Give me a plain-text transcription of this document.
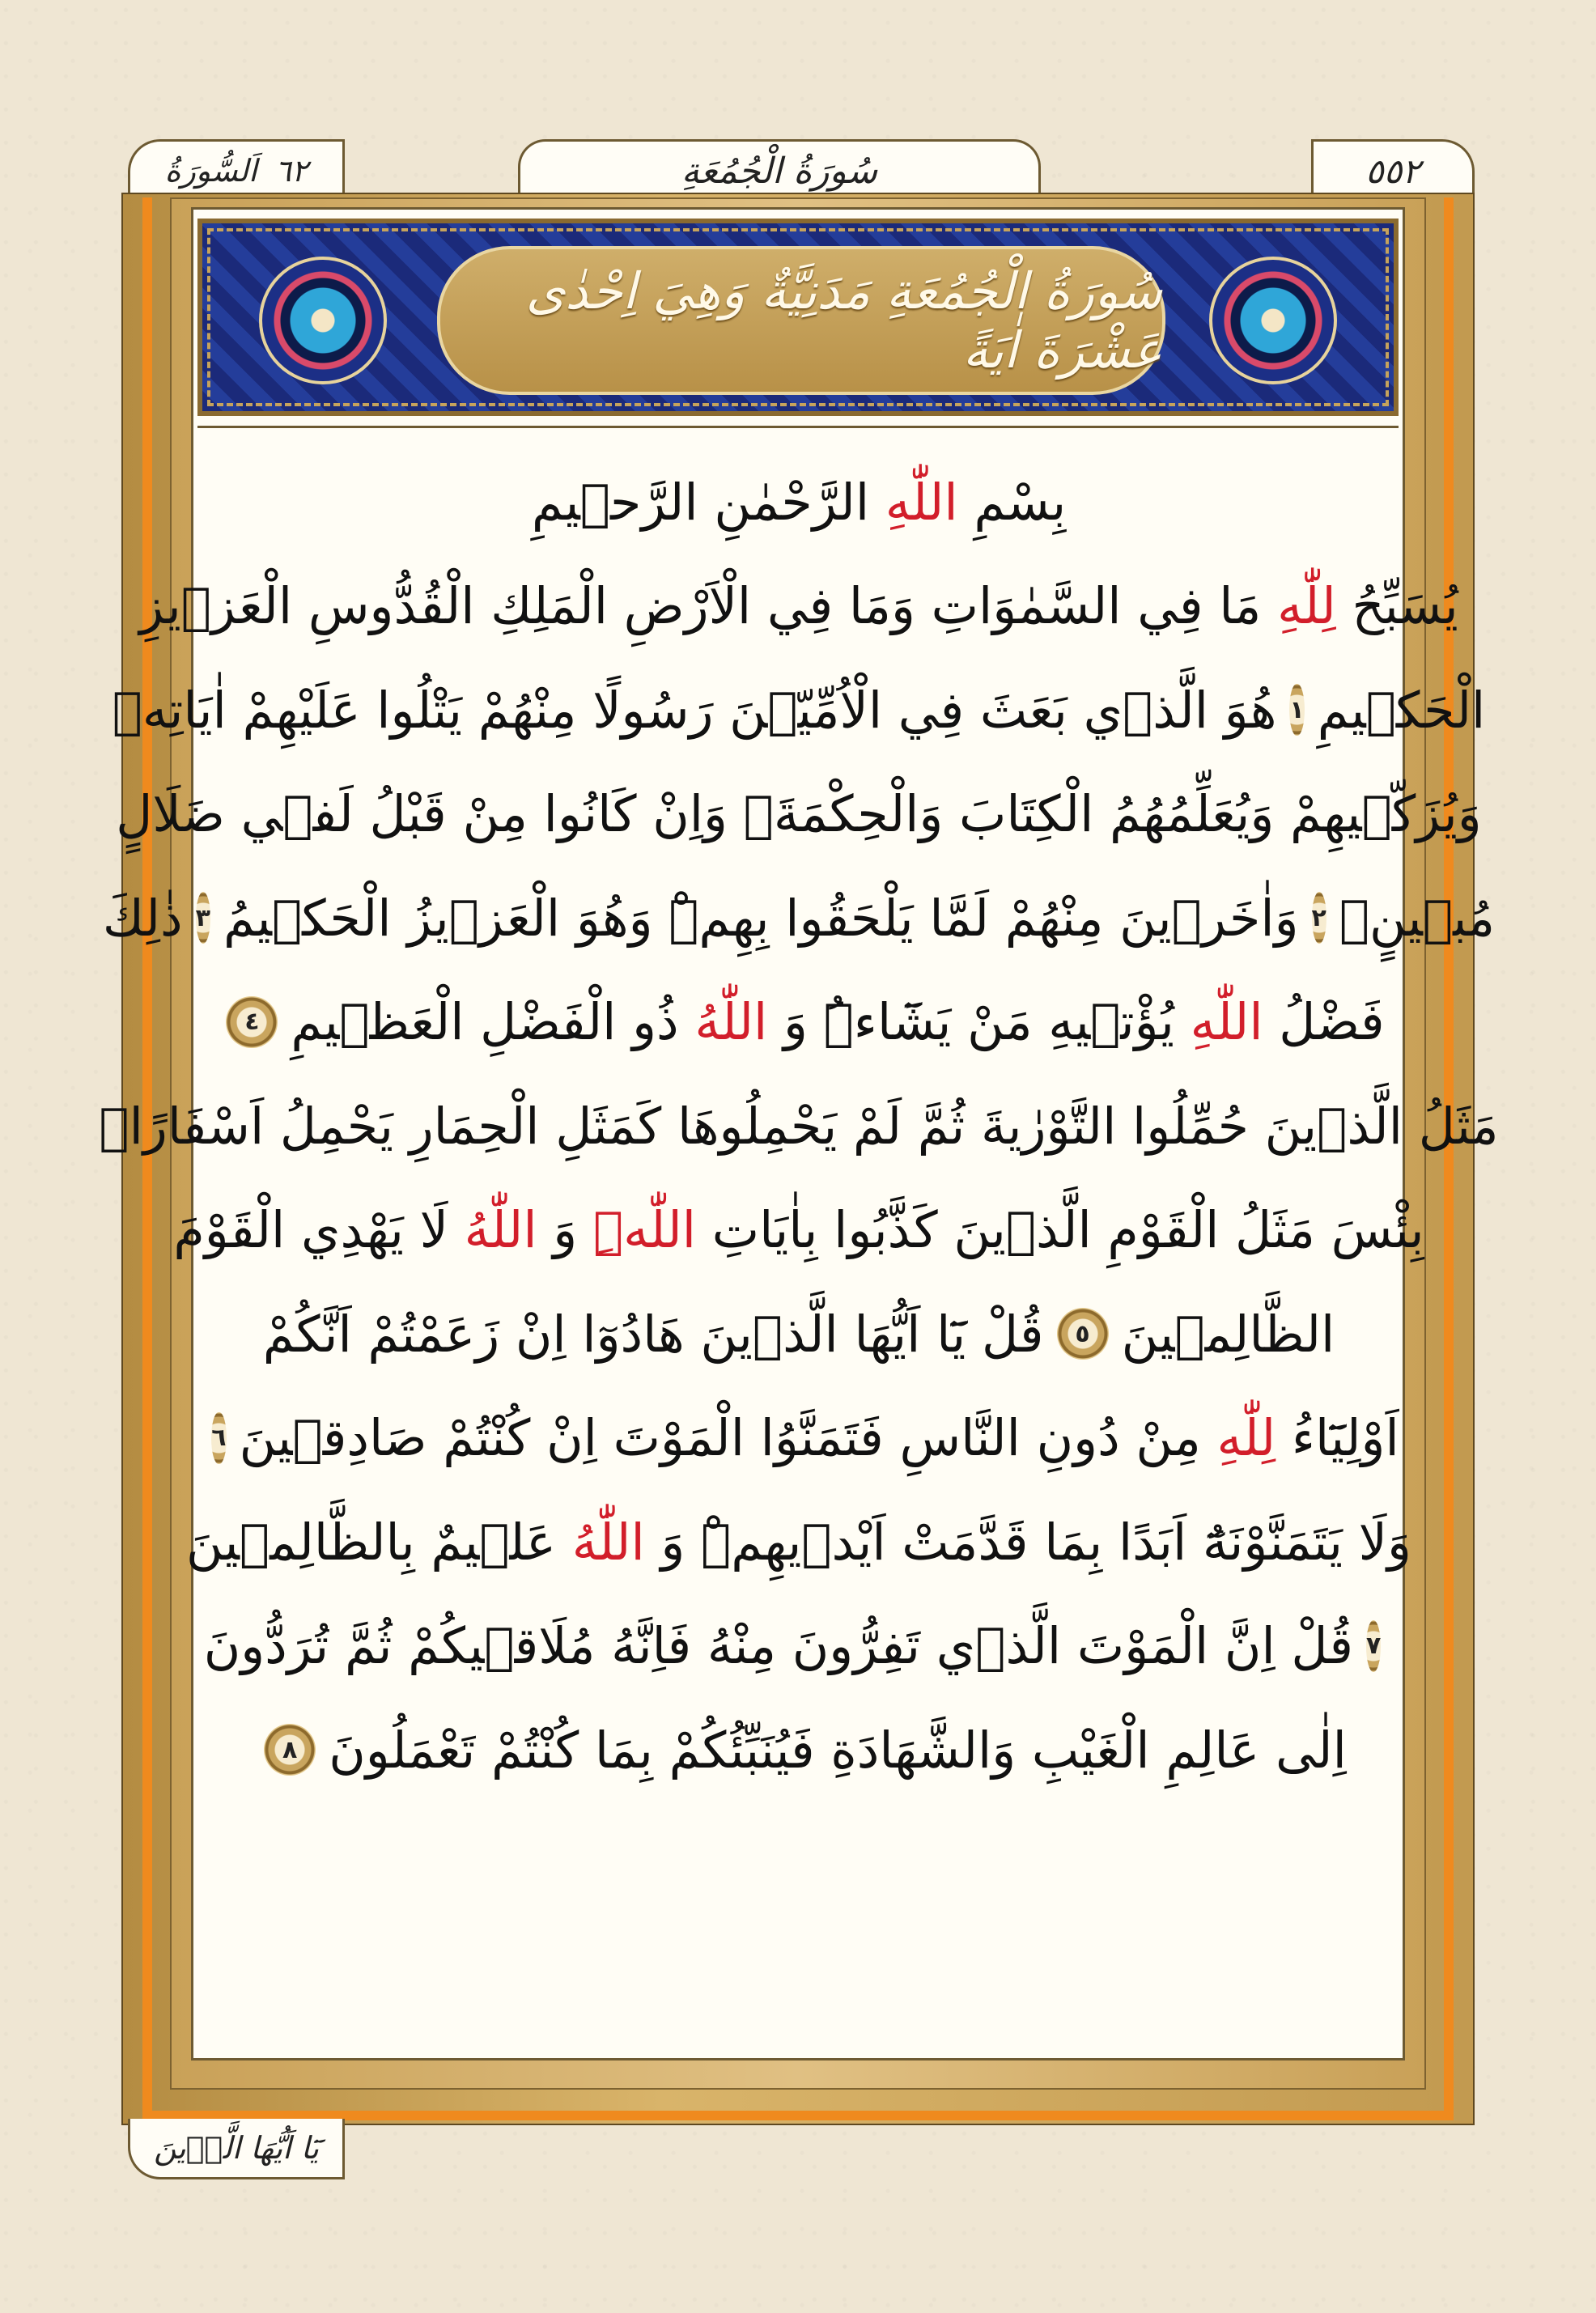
اَلسُّورَةُ ٦٢	سُورَةُ الْجُمُعَةِ	٥٥٢
سُورَةُ الْجُمُعَةِ مَدَنِيَّةٌ وَهِيَ اِحْدٰى عَشْرَةَ اٰيَةً
بِسْمِ

اللّٰهِ

الرَّحْمٰنِ الرَّح۪يمِ
يُسَبِّحُ

لِلّٰهِ

مَا فِي السَّمٰوَاتِ وَمَا فِي الْاَرْضِ الْمَلِكِ الْقُدُّوسِ الْعَز۪يزِ
الْحَك۪يمِ
١
هُوَ الَّذ۪ي بَعَثَ فِي الْاُمِّيّ۪نَ رَسُولًا مِنْهُمْ يَتْلُوا عَلَيْهِمْ اٰيَاتِه۪
وَيُزَكّ۪يهِمْ وَيُعَلِّمُهُمُ الْكِتَابَ وَالْحِكْمَةَۗ وَاِنْ كَانُوا مِنْ قَبْلُ لَف۪ي ضَلَالٍ
مُب۪ينٍۙ
٢
وَاٰخَر۪ينَ مِنْهُمْ لَمَّا يَلْحَقُوا بِهِمْۜ وَهُوَ الْعَز۪يزُ الْحَك۪يمُ
٣
ذٰلِكَ
فَضْلُ

اللّٰهِ

يُؤْت۪يهِ مَنْ يَشَٓاءُۜ وَ

اللّٰهُ

ذُو الْفَضْلِ الْعَظ۪يمِ
٤
مَثَلُ الَّذ۪ينَ حُمِّلُوا التَّوْرٰيةَ ثُمَّ لَمْ يَحْمِلُوهَا كَمَثَلِ الْحِمَارِ يَحْمِلُ اَسْفَارًاۜ
بِئْسَ مَثَلُ الْقَوْمِ الَّذ۪ينَ كَذَّبُوا بِاٰيَاتِ

اللّٰهِۜ

وَ

اللّٰهُ

لَا يَهْدِي الْقَوْمَ
الظَّالِم۪ينَ
٥
قُلْ يَٓا اَيُّهَا الَّذ۪ينَ هَادُوٓا اِنْ زَعَمْتُمْ اَنَّكُمْ
اَوْلِيَٓاءُ

لِلّٰهِ

مِنْ دُونِ النَّاسِ فَتَمَنَّوُا الْمَوْتَ اِنْ كُنْتُمْ صَادِق۪ينَ
٦
وَلَا يَتَمَنَّوْنَهُٓ اَبَدًا بِمَا قَدَّمَتْ اَيْد۪يهِمْۜ وَ

اللّٰهُ

عَل۪يمٌ بِالظَّالِم۪ينَ
٧
قُلْ اِنَّ الْمَوْتَ الَّذ۪ي تَفِرُّونَ مِنْهُ فَاِنَّهُ مُلَاق۪يكُمْ ثُمَّ تُرَدُّونَ
اِلٰى عَالِمِ الْغَيْبِ وَالشَّهَادَةِ فَيُنَبِّئُكُمْ بِمَا كُنْتُمْ تَعْمَلُونَ
٨
يَٓا اَيُّهَا الَّذ۪ينَ
